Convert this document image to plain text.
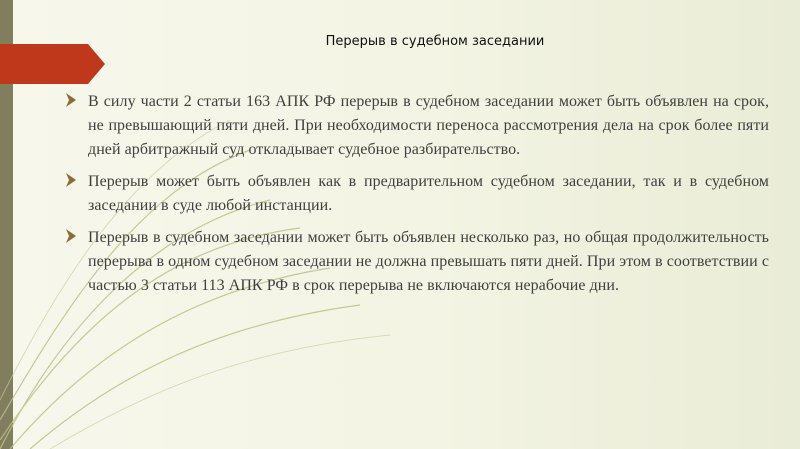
Перерыв в судебном заседании
В силу части 2 статьи 163 АПК РФ перерыв в судебном заседании может быть объявлен на срок, не превышающий пяти дней. При необходимости переноса рассмотрения дела на срок более пяти дней арбитражный суд откладывает судебное разбирательство.
Перерыв может быть объявлен как в предварительном судебном заседании, так и в судебном заседании в суде любой инстанции.
Перерыв в судебном заседании может быть объявлен несколько раз, но общая продолжительность перерыва в одном судебном заседании не должна превышать пяти дней. При этом в соответствии с частью 3 статьи 113 АПК РФ в срок перерыва не включаются нерабочие дни.
